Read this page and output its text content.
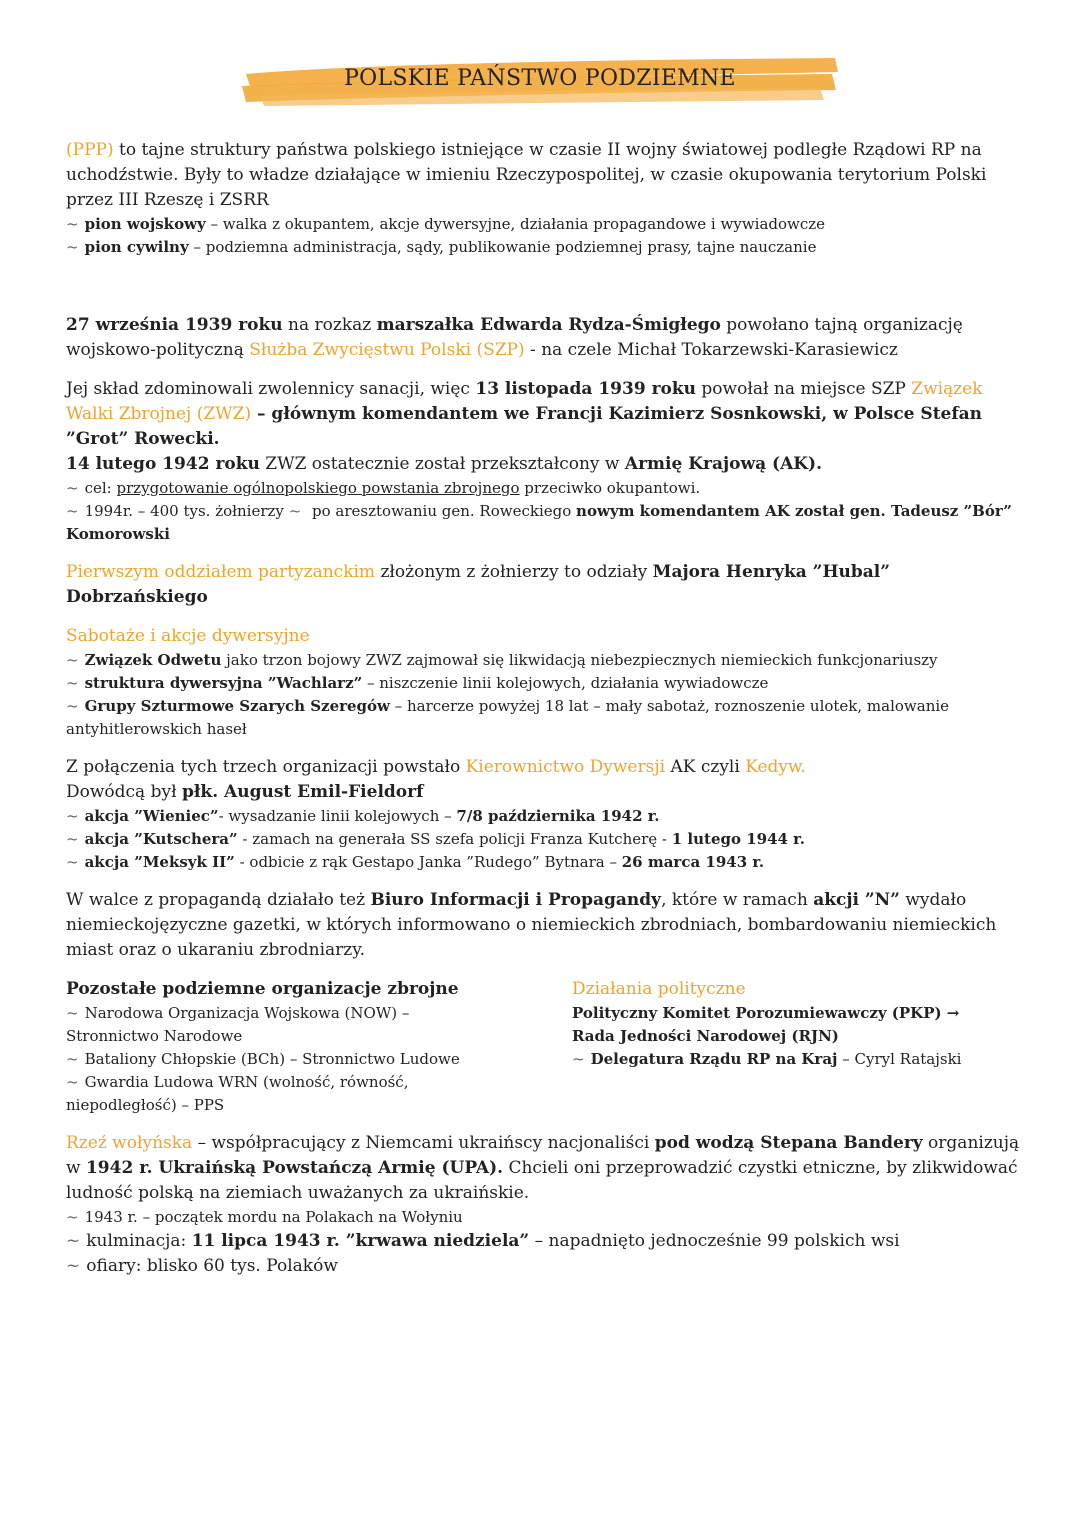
POLSKIE PAŃSTWO PODZIEMNE

(PPP) to tajne struktury państwa polskiego istniejące w czasie II wojny światowej podległe Rządowi RP na uchodźstwie. Były to władze działające w imieniu Rzeczypospolitej, w czasie okupowania terytorium Polski przez III Rzeszę i ZSRR

~ pion wojskowy – walka z okupantem, akcje dywersyjne, działania propagandowe i wywiadowcze

~ pion cywilny – podziemna administracja, sądy, publikowanie podziemnej prasy, tajne nauczanie

27 września 1939 roku na rozkaz marszałka Edwarda Rydza-Śmigłego powołano tajną organizację wojskowo-polityczną Służba Zwycięstwu Polski (SZP) - na czele Michał Tokarzewski-Karasiewicz

Jej skład zdominowali zwolennicy sanacji, więc 13 listopada 1939 roku powołał na miejsce SZP Związek Walki Zbrojnej (ZWZ) – głównym komendantem we Francji Kazimierz Sosnkowski, w Polsce Stefan ”Grot” Rowecki.

14 lutego 1942 roku ZWZ ostatecznie został przekształcony w Armię Krajową (AK).

~ cel: przygotowanie ogólnopolskiego powstania zbrojnego przeciwko okupantowi.

~ 1994r. – 400 tys. żołnierzy ~ po aresztowaniu gen. Roweckiego nowym komendantem AK został gen. Tadeusz ”Bór” Komorowski

Pierwszym oddziałem partyzanckim złożonym z żołnierzy to odziały Majora Henryka ”Hubal” Dobrzańskiego

Sabotaże i akcje dywersyjne

~ Związek Odwetu jako trzon bojowy ZWZ zajmował się likwidacją niebezpiecznych niemieckich funkcjonariuszy

~ struktura dywersyjna ”Wachlarz” – niszczenie linii kolejowych, działania wywiadowcze

~ Grupy Szturmowe Szarych Szeregów – harcerze powyżej 18 lat – mały sabotaż, roznoszenie ulotek, malowanie antyhitlerowskich haseł

Z połączenia tych trzech organizacji powstało Kierownictwo Dywersji AK czyli Kedyw.

Dowódcą był płk. August Emil-Fieldorf

~ akcja ”Wieniec”- wysadzanie linii kolejowych – 7/8 października 1942 r.

~ akcja ”Kutschera” - zamach na generała SS szefa policji Franza Kutcherę - 1 lutego 1944 r.

~ akcja ”Meksyk II” - odbicie z rąk Gestapo Janka ”Rudego” Bytnara – 26 marca 1943 r.

W walce z propagandą działało też Biuro Informacji i Propagandy, które w ramach akcji ”N” wydało niemieckojęzyczne gazetki, w których informowano o niemieckich zbrodniach, bombardowaniu niemieckich miast oraz o ukaraniu zbrodniarzy.

Pozostałe podziemne organizacje zbrojne

~ Narodowa Organizacja Wojskowa (NOW) – Stronnictwo Narodowe

~ Bataliony Chłopskie (BCh) – Stronnictwo Ludowe

~ Gwardia Ludowa WRN (wolność, równość, niepodległość) – PPS

Działania polityczne

Polityczny Komitet Porozumiewawczy (PKP) →

Rada Jedności Narodowej (RJN)

~ Delegatura Rządu RP na Kraj – Cyryl Ratajski

Rzeź wołyńska – współpracujący z Niemcami ukraińscy nacjonaliści pod wodzą Stepana Bandery organizują w 1942 r. Ukraińską Powstańczą Armię (UPA). Chcieli oni przeprowadzić czystki etniczne, by zlikwidować ludność polską na ziemiach uważanych za ukraińskie.

~ 1943 r. – początek mordu na Polakach na Wołyniu

~ kulminacja: 11 lipca 1943 r. ”krwawa niedziela” – napadnięto jednocześnie 99 polskich wsi

~ ofiary: blisko 60 tys. Polaków
